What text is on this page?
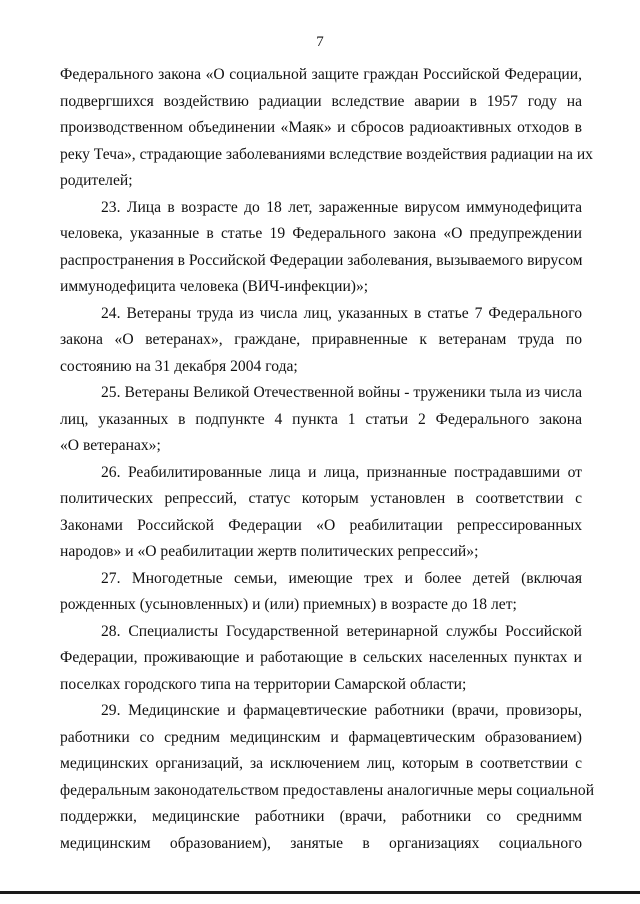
7
Федерального закона «О социальной защите граждан Российской Федерации,
подвергшихся воздействию радиации вследствие аварии в 1957 году на
производственном объединении «Маяк» и сбросов радиоактивных отходов в
реку Теча», страдающие заболеваниями вследствие воздействия радиации на их
родителей;
23. Лица в возрасте до 18 лет, зараженные вирусом иммунодефицита
человека, указанные в статье 19 Федерального закона «О предупреждении
распространения в Российской Федерации заболевания, вызываемого вирусом
иммунодефицита человека (ВИЧ-инфекции)»;
24. Ветераны труда из числа лиц, указанных в статье 7 Федерального
закона «О ветеранах», граждане, приравненные к ветеранам труда по
состоянию на 31 декабря 2004 года;
25. Ветераны Великой Отечественной войны - труженики тыла из числа
лиц, указанных в подпункте 4 пункта 1 статьи 2 Федерального закона
«О ветеранах»;
26. Реабилитированные лица и лица, признанные пострадавшими от
политических репрессий, статус которым установлен в соответствии с
Законами Российской Федерации «О реабилитации репрессированных
народов» и «О реабилитации жертв политических репрессий»;
27. Многодетные семьи, имеющие трех и более детей (включая
рожденных (усыновленных) и (или) приемных) в возрасте до 18 лет;
28. Специалисты Государственной ветеринарной службы Российской
Федерации, проживающие и работающие в сельских населенных пунктах и
поселках городского типа на территории Самарской области;
29. Медицинские и фармацевтические работники (врачи, провизоры,
работники со средним медицинским и фармацевтическим образованием)
медицинских организаций, за исключением лиц, которым в соответствии с
федеральным законодательством предоставлены аналогичные меры социальной
поддержки, медицинские работники (врачи, работники со среднимм
медицинским образованием), занятые в организациях социального
